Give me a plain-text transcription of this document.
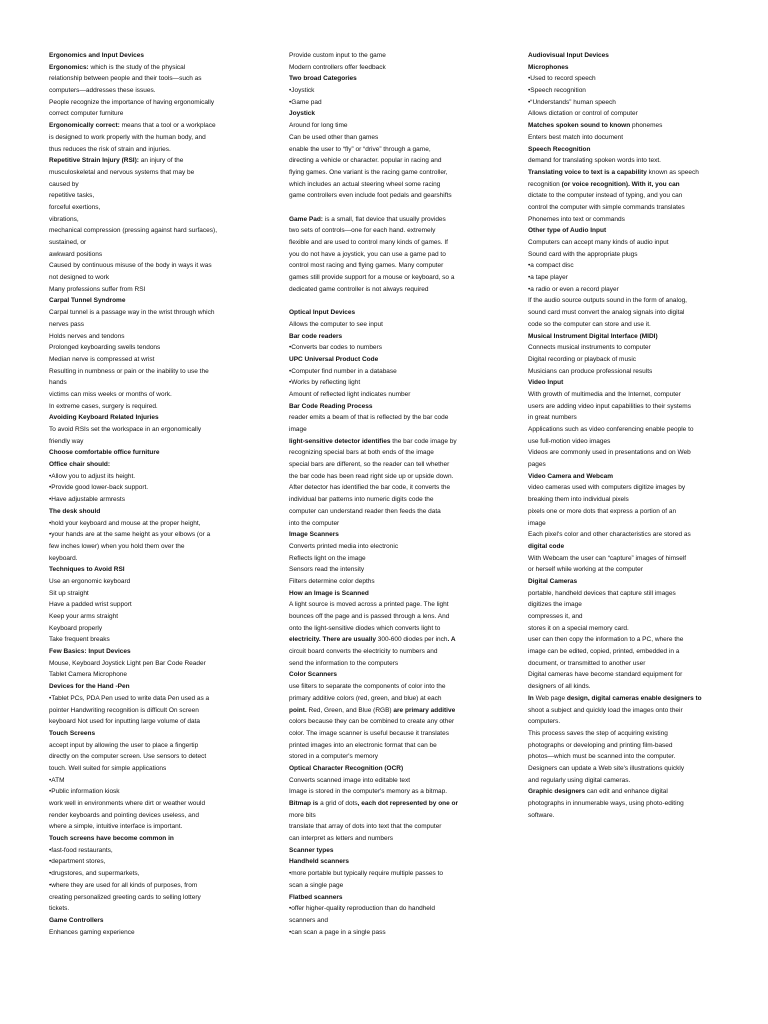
Ergonomics and Input Devices
Ergonomics: which is the study of the physical
relationship between people and their tools—such as
computers—addresses these issues.
People recognize the importance of having ergonomically
correct computer furniture
Ergonomically correct: means that a tool or a workplace
is designed to work properly with the human body, and
thus reduces the risk of strain and injuries.
Repetitive Strain Injury (RSI): an injury of the
musculoskeletal and nervous systems that may be
caused by
repetitive tasks,
forceful exertions,
vibrations,
mechanical compression (pressing against hard surfaces),
sustained, or
awkward positions
Caused by continuous misuse of the body in ways it was
not designed to work
Many professions suffer from RSI
Carpal Tunnel Syndrome
Carpal tunnel is a passage way in the wrist through which
nerves pass
Holds nerves and tendons
Prolonged keyboarding swells tendons
Median nerve is compressed at wrist
Resulting in numbness or pain or the inability to use the
hands
victims can miss weeks or months of work.
In extreme cases, surgery is required.
Avoiding Keyboard Related Injuries
To avoid RSIs set the workspace in an ergonomically
friendly way
Choose comfortable office furniture
Office chair should:
•Allow you to adjust its height.
•Provide good lower-back support.
•Have adjustable armrests
The desk should
•hold your keyboard and mouse at the proper height,
•your hands are at the same height as your elbows (or a
few inches lower) when you hold them over the
keyboard.
Techniques to Avoid RSI
Use an ergonomic keyboard
Sit up straight
Have a padded wrist support
Keep your arms straight
Keyboard properly
Take frequent breaks
Few Basics: Input Devices
Mouse, Keyboard Joystick Light pen Bar Code Reader
Tablet Camera Microphone
Devices for the Hand -Pen
•Tablet PCs, PDA Pen used to write data Pen used as a
pointer Handwriting recognition is difficult On screen
keyboard Not used for inputting large volume of data
Touch Screens
accept input by allowing the user to place a fingertip
directly on the computer screen. Use sensors to detect
touch. Well suited for simple applications
•ATM
•Public information kiosk
work well in environments where dirt or weather would
render keyboards and pointing devices useless, and
where a simple, intuitive interface is important.
Touch screens have become common in
•fast-food restaurants,
•department stores,
•drugstores, and supermarkets,
•where they are used for all kinds of purposes, from
creating personalized greeting cards to selling lottery
tickets.
Game Controllers
Enhances gaming experience
Provide custom input to the game
Modern controllers offer feedback
Two broad Categories
•Joystick
•Game pad
Joystick
Around for long time
Can be used other than games
enable the user to “fly” or “drive” through a game,
directing a vehicle or character. popular in racing and
flying games. One variant is the racing game controller,
which includes an actual steering wheel some racing
game controllers even include foot pedals and gearshifts
Game Pad: is a small, flat device that usually provides
two sets of controls—one for each hand. extremely
flexible and are used to control many kinds of games. If
you do not have a joystick, you can use a game pad to
control most racing and flying games. Many computer
games still provide support for a mouse or keyboard, so a
dedicated game controller is not always required
Optical Input Devices
Allows the computer to see input
Bar code readers
•Converts bar codes to numbers
UPC Universal Product Code
•Computer find number in a database
•Works by reflecting light
Amount of reflected light indicates number
Bar Code Reading Process
reader emits a beam of that is reflected by the bar code
image
light-sensitive detector identifies the bar code image by
recognizing special bars at both ends of the image
special bars are different, so the reader can tell whether
the bar code has been read right side up or upside down.
After detector has identified the bar code, it converts the
individual bar patterns into numeric digits code the
computer can understand reader then feeds the data
into the computer
Image Scanners
Converts printed media into electronic
Reflects light on the image
Sensors read the intensity
Filters determine color depths
How an Image is Scanned
A light source is moved across a printed page. The light
bounces off the page and is passed through a lens. And
onto the light-sensitive diodes which converts light to
electricity. There are usually 300-600 diodes per inch. A
circuit board converts the electricity to numbers and
send the information to the computers
Color Scanners
use filters to separate the components of color into the
primary additive colors (red, green, and blue) at each
point. Red, Green, and Blue (RGB) are primary additive
colors because they can be combined to create any other
color. The image scanner is useful because it translates
printed images into an electronic format that can be
stored in a computer's memory
Optical Character Recognition (OCR)
Converts scanned image into editable text
Image is stored in the computer's memory as a bitmap.
Bitmap is a grid of dots, each dot represented by one or
more bits
translate that array of dots into text that the computer
can interpret as letters and numbers
Scanner types
Handheld scanners
•more portable but typically require multiple passes to
scan a single page
Flatbed scanners
•offer higher-quality reproduction than do handheld
scanners and
•can scan a page in a single pass
Audiovisual Input Devices
Microphones
•Used to record speech
•Speech recognition
•“Understands” human speech
Allows dictation or control of computer
Matches spoken sound to known phonemes
Enters best match into document
Speech Recognition
demand for translating spoken words into text.
Translating voice to text is a capability known as speech
recognition (or voice recognition). With it, you can
dictate to the computer instead of typing, and you can
control the computer with simple commands translates
Phonemes into text or commands
Other type of Audio Input
Computers can accept many kinds of audio input
Sound card with the appropriate plugs
•a compact disc
•a tape player
•a radio or even a record player
If the audio source outputs sound in the form of analog,
sound card must convert the analog signals into digital
code so the computer can store and use it.
Musical Instrument Digital Interface (MIDI)
Connects musical instruments to computer
Digital recording or playback of music
Musicians can produce professional results
Video Input
With growth of multimedia and the Internet, computer
users are adding video input capabilities to their systems
in great numbers
Applications such as video conferencing enable people to
use full-motion video images
Videos are commonly used in presentations and on Web
pages
Video Camera and Webcam
video cameras used with computers digitize images by
breaking them into individual pixels
pixels one or more dots that express a portion of an
image
Each pixel's color and other characteristics are stored as
digital code
With Webcam the user can “capture” images of himself
or herself while working at the computer
Digital Cameras
portable, handheld devices that capture still images
digitizes the image
compresses it, and
stores it on a special memory card.
user can then copy the information to a PC, where the
image can be edited, copied, printed, embedded in a
document, or transmitted to another user
Digital cameras have become standard equipment for
designers of all kinds.
In Web page design, digital cameras enable designers to
shoot a subject and quickly load the images onto their
computers.
This process saves the step of acquiring existing
photographs or developing and printing film-based
photos—which must be scanned into the computer.
Designers can update a Web site's illustrations quickly
and regularly using digital cameras.
Graphic designers can edit and enhance digital
photographs in innumerable ways, using photo-editing
software.
